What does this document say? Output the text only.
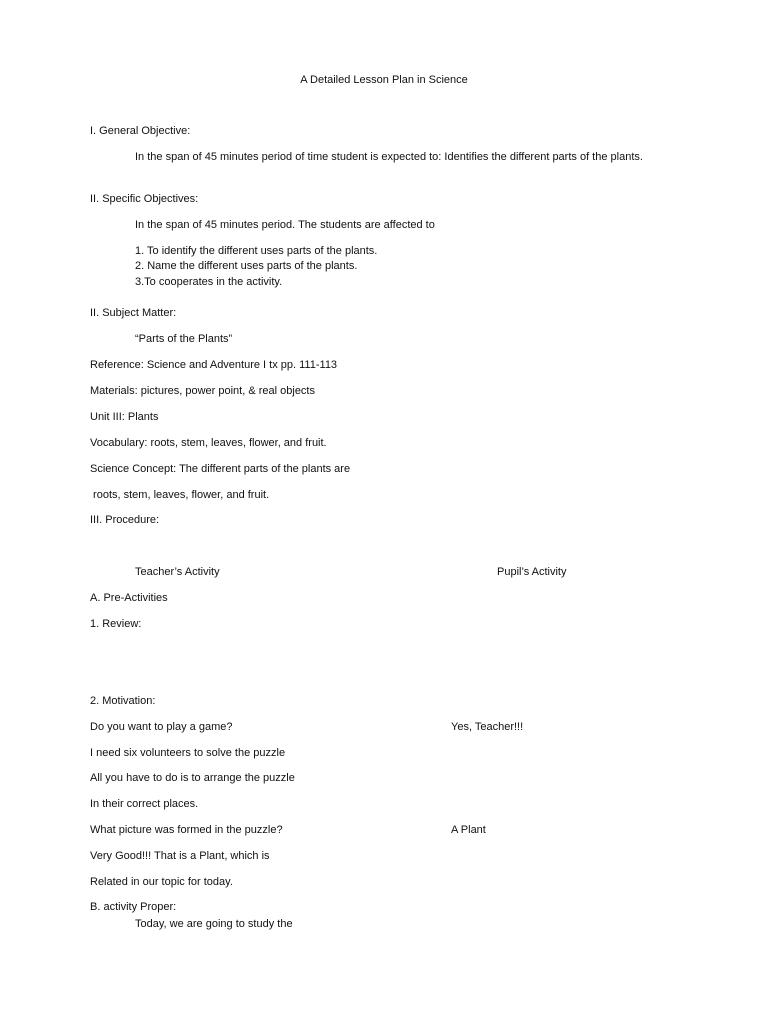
A Detailed Lesson Plan in Science
I. General Objective:
In the span of 45 minutes period of time student is expected to: Identifies the different parts of the plants.
II. Specific Objectives:
In the span of 45 minutes period. The students are affected to
1. To identify the different uses parts of the plants.
2. Name the different uses parts of the plants.
3.To cooperates in the activity.
II. Subject Matter:
“Parts of the Plants”
Reference: Science and Adventure I tx pp. 111-113
Materials: pictures, power point, & real objects
Unit III: Plants
Vocabulary: roots, stem, leaves, flower, and fruit.
Science Concept: The different parts of the plants are
roots, stem, leaves, flower, and fruit.
III. Procedure:
Teacher’s Activity	Pupil’s Activity
A. Pre-Activities
1. Review:
2. Motivation:
Do you want to play a game?	Yes, Teacher!!!
I need six volunteers to solve the puzzle
All you have to do is to arrange the puzzle
In their correct places.
What picture was formed in the puzzle?	A Plant
Very Good!!! That is a Plant, which is
Related in our topic for today.
B. activity Proper:
Today, we are going to study the
